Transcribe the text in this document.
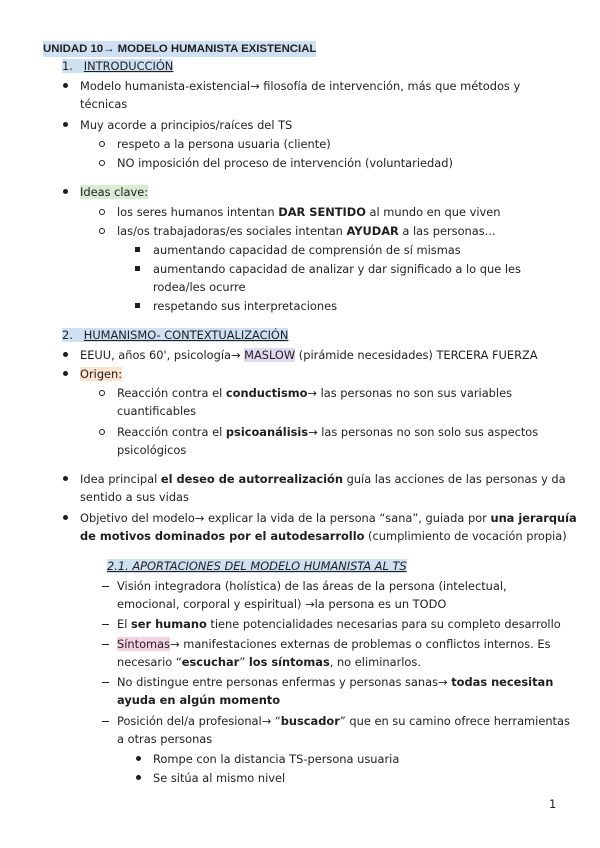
UNIDAD 10→ MODELO HUMANISTA EXISTENCIAL
1. INTRODUCCIÓN
Modelo humanista-existencial→ filosofía de intervención, más que métodos y
técnicas
Muy acorde a principios/raíces del TS
respeto a la persona usuaria (cliente)
NO imposición del proceso de intervención (voluntariedad)
Ideas clave:
los seres humanos intentan DAR SENTIDO al mundo en que viven
las/os trabajadoras/es sociales intentan AYUDAR a las personas...
aumentando capacidad de comprensión de sí mismas
aumentando capacidad de analizar y dar significado a lo que les
rodea/les ocurre
respetando sus interpretaciones
2. HUMANISMO- CONTEXTUALIZACIÓN
EEUU, años 60', psicología→ MASLOW (pirámide necesidades) TERCERA FUERZA
Origen:
Reacción contra el conductismo→ las personas no son sus variables
cuantificables
Reacción contra el psicoanálisis→ las personas no son solo sus aspectos
psicológicos
Idea principal el deseo de autorrealización guía las acciones de las personas y da
sentido a sus vidas
Objetivo del modelo→ explicar la vida de la persona “sana”, guiada por una jerarquía
de motivos dominados por el autodesarrollo (cumplimiento de vocación propia)
2.1. APORTACIONES DEL MODELO HUMANISTA AL TS
Visión integradora (holística) de las áreas de la persona (intelectual,
emocional, corporal y espiritual) →la persona es un TODO
El ser humano tiene potencialidades necesarias para su completo desarrollo
Síntomas→ manifestaciones externas de problemas o conflictos internos. Es
necesario “escuchar” los síntomas, no eliminarlos.
No distingue entre personas enfermas y personas sanas→ todas necesitan
ayuda en algún momento
Posición del/a profesional→ “buscador” que en su camino ofrece herramientas
a otras personas
Rompe con la distancia TS-persona usuaria
Se sitúa al mismo nivel
1
